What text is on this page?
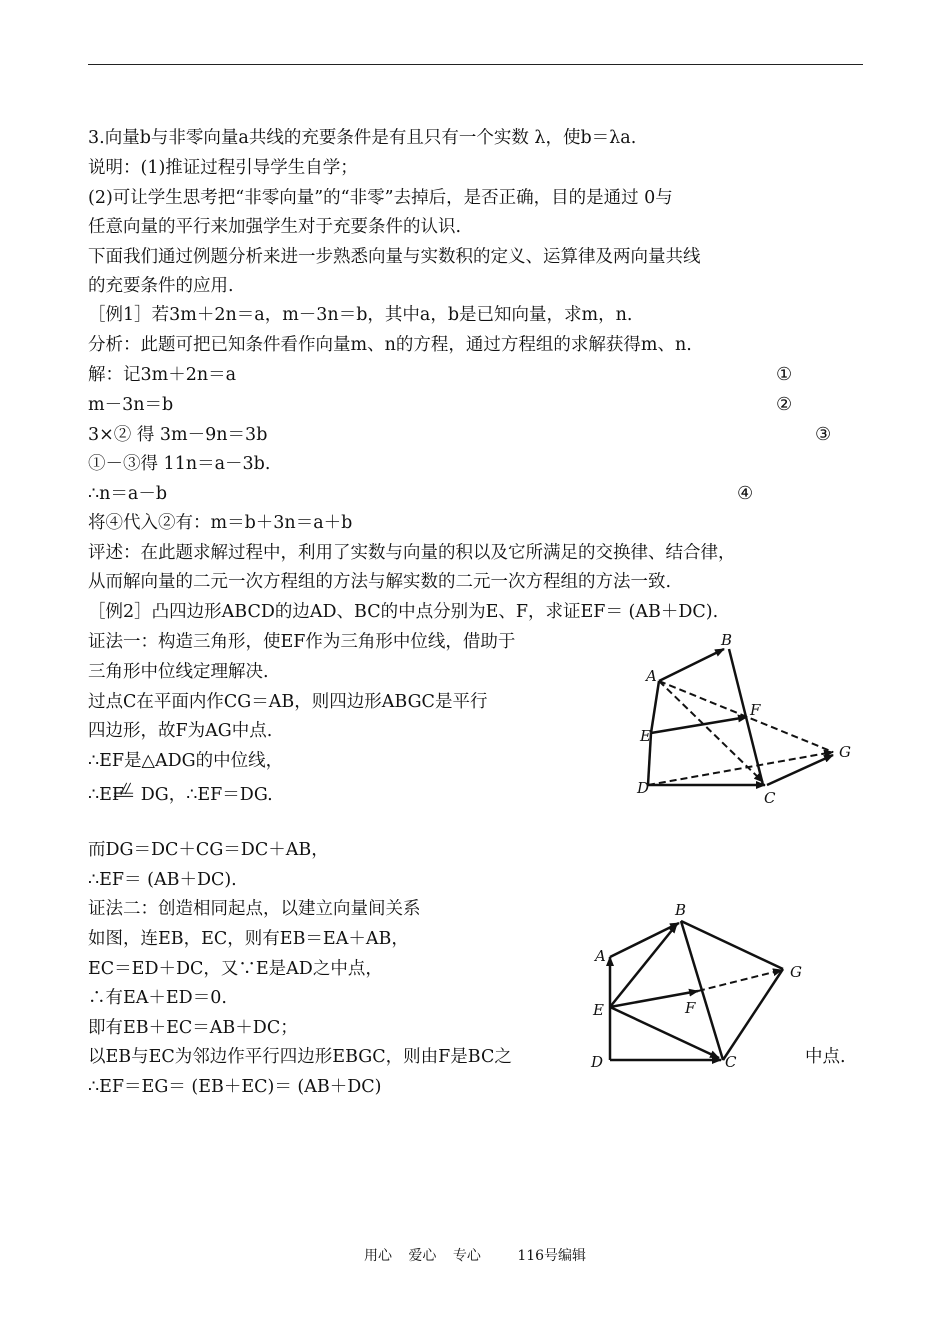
3.向量b与非零向量a共线的充要条件是有且只有一个实数 λ，使b＝λa.
说明：(1)推证过程引导学生自学；
(2)可让学生思考把“非零向量”的“非零”去掉后，是否正确，目的是通过 0与
任意向量的平行来加强学生对于充要条件的认识.
下面我们通过例题分析来进一步熟悉向量与实数积的定义、运算律及两向量共线
的充要条件的应用.
［例1］若3m＋2n＝a，m－3n＝b，其中a，b是已知向量，求m，n.
分析：此题可把已知条件看作向量m、n的方程，通过方程组的求解获得m、n.
解：记3m＋2n＝a
m－3n＝b
3×② 得 3m－9n＝3b
①－③得 11n＝a－3b.
∴n＝a－b
将④代入②有：m＝b＋3n＝a＋b
评述：在此题求解过程中，利用了实数与向量的积以及它所满足的交换律、结合律，
从而解向量的二元一次方程组的方法与解实数的二元一次方程组的方法一致.
［例2］凸四边形ABCD的边AD、BC的中点分别为E、F，求证EF＝ (AB＋DC).
证法一：构造三角形，使EF作为三角形中位线，借助于
三角形中位线定理解决.
过点C在平面内作CG＝AB，则四边形ABGC是平行
四边形，故F为AG中点.
∴EF是△ADG的中位线，
∴EF   DG，∴EF＝DG.
而DG＝DC＋CG＝DC＋AB，
∴EF＝ (AB＋DC).
证法二：创造相同起点，以建立向量间关系
如图，连EB，EC，则有EB＝EA＋AB，
EC＝ED＋DC，又∵E是AD之中点，
∴有EA＋ED＝0.
即有EB＋EC＝AB＋DC；
以EB与EC为邻边作平行四边形EBGC，则由F是BC之	中点.
∴EF＝EG＝ (EB＋EC)＝ (AB＋DC)
①
②
③
④
A
B
E
F
G
D
C
A
B
G
E	F
D	C
用心 爱心 专心	116号编辑
